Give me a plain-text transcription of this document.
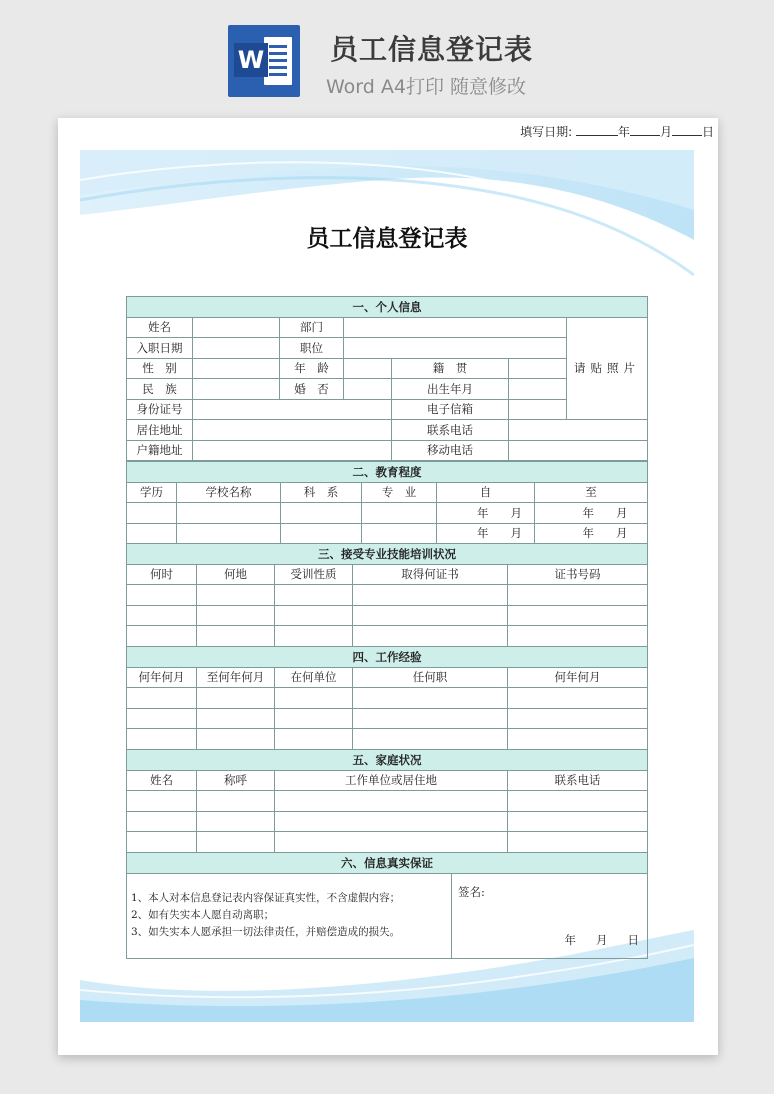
W 员工信息登记表
Word A4打印 随意修改
员工信息登记表
填写日期:	年	月	日
一、个人信息						
姓名		部门				请贴照片
入职日期		职位				
性　别		年　龄		籍　贯		
民　族		婚　否		出生年月		
身份证号				电子信箱		
居住地址				联系电话		
户籍地址				移动电话		
二、教育程度					
学历	学校名称	科　系	专　业	自	至
				年 月	年 月
				年 月	年 月
三、接受专业技能培训状况				
何时	何地	受训性质	取得何证书	证书号码

四、工作经验				
何年何月	至何年何月	在何单位	任何职	何年何月

五、家庭状况			
姓名	称呼	工作单位或居住地	联系电话

六、信息真实保证

1、本人对本信息登记表内容保证真实性，不含虚假内容；
2、如有失实本人愿自动离职；
3、如失实本人愿承担一切法律责任，并赔偿造成的损失。

签名:
年 月 日
